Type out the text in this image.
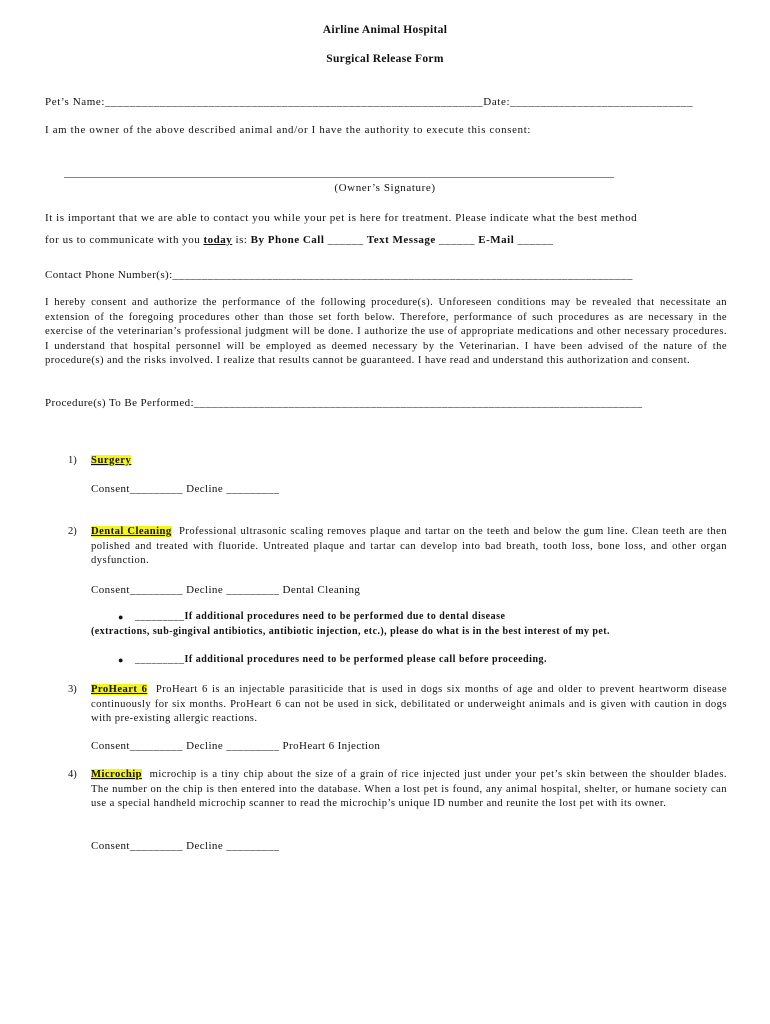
Airline Animal Hospital
Surgical Release Form
Pet’s Name:______________________________________________________________Date:______________________________
I am the owner of the above described animal and/or I have the authority to execute this consent:
____________________________________________________________________________________________________
(Owner’s Signature)
It is important that we are able to contact you while your pet is here for treatment. Please indicate what the best method
for us to communicate with you today is: By Phone Call ______ Text Message ______ E-Mail ______
Contact Phone Number(s):______________________________________________________________________________
I hereby consent and authorize the performance of the following procedure(s). Unforeseen conditions may be revealed that necessitate an extension of the foregoing procedures other than those set forth below. Therefore, performance of such procedures as are necessary in the exercise of the veterinarian’s professional judgment will be done. I authorize the use of appropriate medications and other necessary procedures. I understand that hospital personnel will be employed as deemed necessary by the Veterinarian. I have been advised of the nature of the procedure(s) and the risks involved. I realize that results cannot be guaranteed. I have read and understand this authorization and consent.
Procedure(s) To Be Performed:____________________________________________________________________________
1) Surgery
Consent_________ Decline _________
2) Dental Cleaning Professional ultrasonic scaling removes plaque and tartar on the teeth and below the gum line. Clean teeth are then polished and treated with fluoride. Untreated plaque and tartar can develop into bad breath, tooth loss, bone loss, and other organ dysfunction.
Consent_________ Decline _________ Dental Cleaning
● _________If additional procedures need to be performed due to dental disease
(extractions, sub-gingival antibiotics, antibiotic injection, etc.), please do what is in the best interest of my pet.
● _________If additional procedures need to be performed please call before proceeding.
3) ProHeart 6 ProHeart 6 is an injectable parasiticide that is used in dogs six months of age and older to prevent heartworm disease continuously for six months. ProHeart 6 can not be used in sick, debilitated or underweight animals and is given with caution in dogs with pre-existing allergic reactions.
Consent_________ Decline _________ ProHeart 6 Injection
4) Microchip microchip is a tiny chip about the size of a grain of rice injected just under your pet’s skin between the shoulder blades. The number on the chip is then entered into the database. When a lost pet is found, any animal hospital, shelter, or humane society can use a special handheld microchip scanner to read the microchip’s unique ID number and reunite the lost pet with its owner.
Consent_________ Decline _________
